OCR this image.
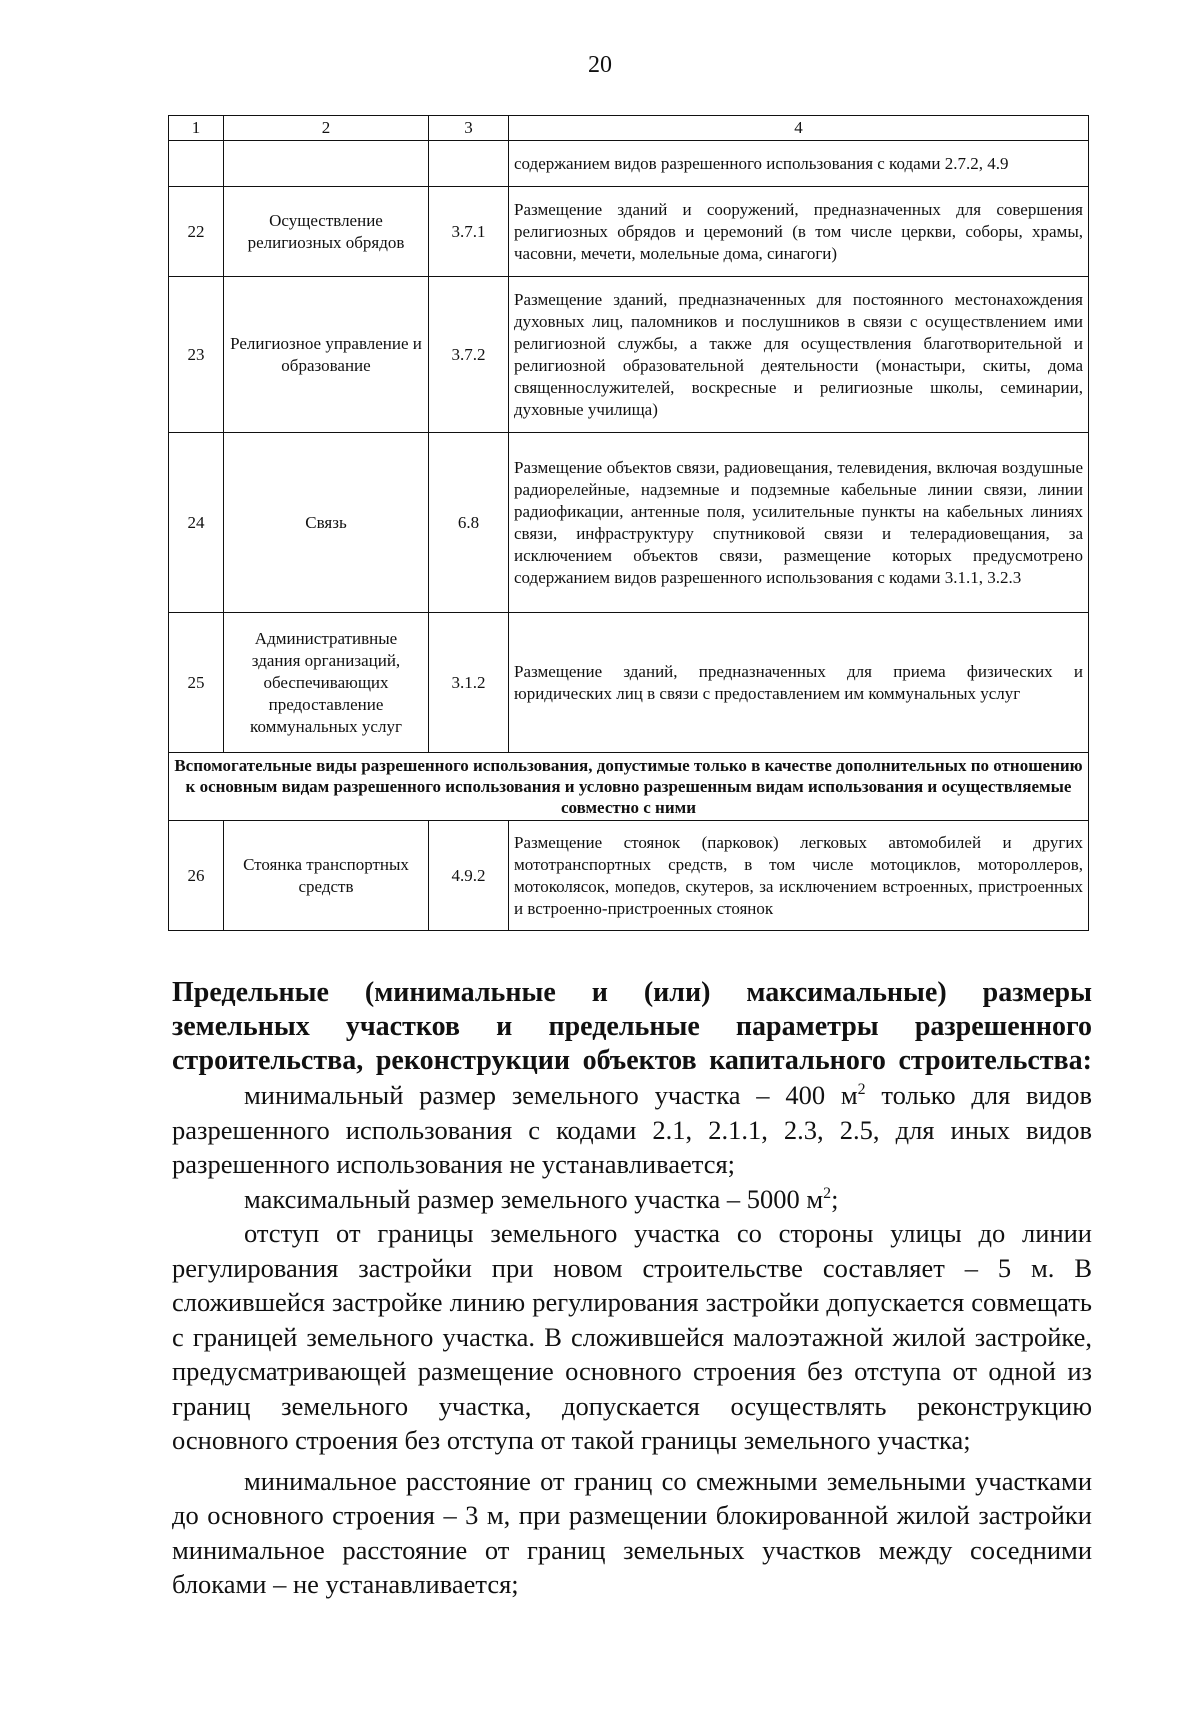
20
1	2	3	4
			содержанием видов разрешенного использования с кодами 2.7.2, 4.9
22	Осуществление религиозных обрядов	3.7.1	Размещение зданий и сооружений, предназначенных для совершения религиозных обрядов и церемоний (в том числе церкви, соборы, храмы, часовни, мечети, молельные дома, синагоги)
23	Религиозное управление и образование	3.7.2	Размещение зданий, предназначенных для постоянного местонахождения духовных лиц, паломников и послушников в связи с осуществлением ими религиозной службы, а также для осуществления благотворительной и религиозной образовательной деятельности (монастыри, скиты, дома священнослужителей, воскресные и религиозные школы, семинарии, духовные училища)
24	Связь	6.8	Размещение объектов связи, радиовещания, телевидения, включая воздушные радиорелейные, надземные и подземные кабельные линии связи, линии радиофикации, антенные поля, усилительные пункты на кабельных линиях связи, инфраструктуру спутниковой связи и телерадиовещания, за исключением объектов связи, размещение которых предусмотрено содержанием видов разрешенного использования с кодами 3.1.1, 3.2.3
25	Административные здания организаций, обеспечивающих предоставление коммунальных услуг	3.1.2	Размещение зданий, предназначенных для приема физических и юридических лиц в связи с предоставлением им коммунальных услуг
Вспомогательные виды разрешенного использования, допустимые только в качестве дополнительных по отношению к основным видам разрешенного использования и условно разрешенным видам использования и осуществляемые совместно с ними			
26	Стоянка транспортных средств	4.9.2	Размещение стоянок (парковок) легковых автомобилей и других мототранспортных средств, в том числе мотоциклов, мотороллеров, мотоколясок, мопедов, скутеров, за исключением встроенных, пристроенных и встроенно-пристроенных стоянок
Предельные (минимальные и (или) максимальные) размеры
земельных участков и предельные параметры разрешенного
строительства, реконструкции объектов капитального строительства:

минимальный размер земельного участка – 400 $м^2$ только для видов разрешенного использования с кодами 2.1, 2.1.1, 2.3, 2.5, для иных видов разрешенного использования не устанавливается;

максимальный размер земельного участка – 5000 $м^2$;

отступ от границы земельного участка со стороны улицы до линии регулирования застройки при новом строительстве составляет – 5 м. В сложившейся застройке линию регулирования застройки допускается совмещать с границей земельного участка. В сложившейся малоэтажной жилой застройке, предусматривающей размещение основного строения без отступа от одной из границ земельного участка, допускается осуществлять реконструкцию основного строения без отступа от такой границы земельного участка;

минимальное расстояние от границ со смежными земельными участками до основного строения – 3 м, при размещении блокированной жилой застройки минимальное расстояние от границ земельных участков между соседними блоками – не устанавливается;
